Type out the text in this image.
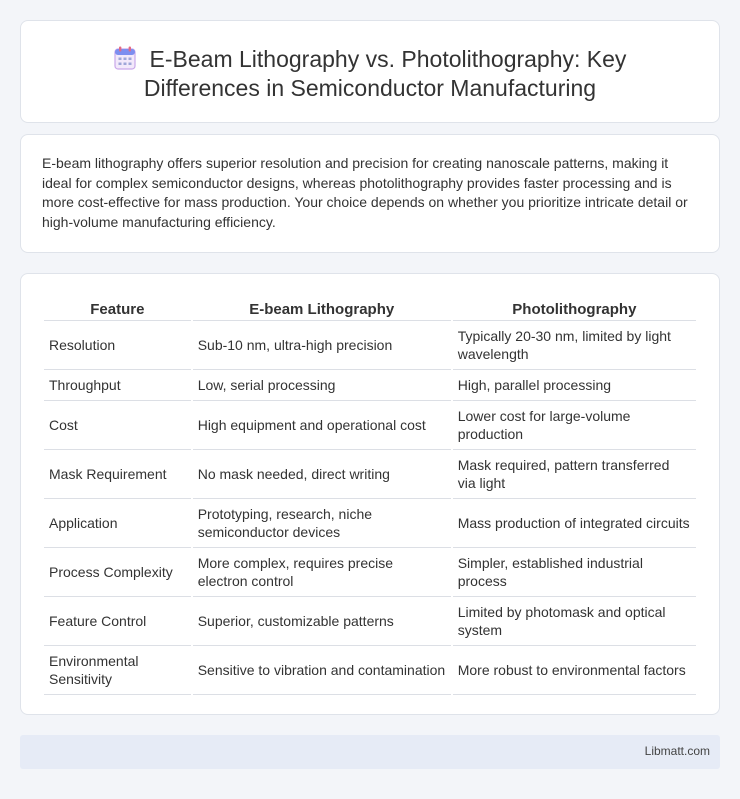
E-Beam Lithography vs. Photolithography: Key Differences in Semiconductor Manufacturing

E-beam lithography offers superior resolution and precision for creating nanoscale patterns, making it ideal for complex semiconductor designs, whereas photolithography provides faster processing and is more cost-effective for mass production. Your choice depends on whether you prioritize intricate detail or high-volume manufacturing efficiency.

Feature	E-beam Lithography	Photolithography
Resolution	Sub-10 nm, ultra-high precision	Typically 20-30 nm, limited by light wavelength
Throughput	Low, serial processing	High, parallel processing
Cost	High equipment and operational cost	Lower cost for large-volume production
Mask Requirement	No mask needed, direct writing	Mask required, pattern transferred via light
Application	Prototyping, research, niche semiconductor devices	Mass production of integrated circuits
Process Complexity	More complex, requires precise electron control	Simpler, established industrial process
Feature Control	Superior, customizable patterns	Limited by photomask and optical system
Environmental Sensitivity	Sensitive to vibration and contamination	More robust to environmental factors
Libmatt.com
